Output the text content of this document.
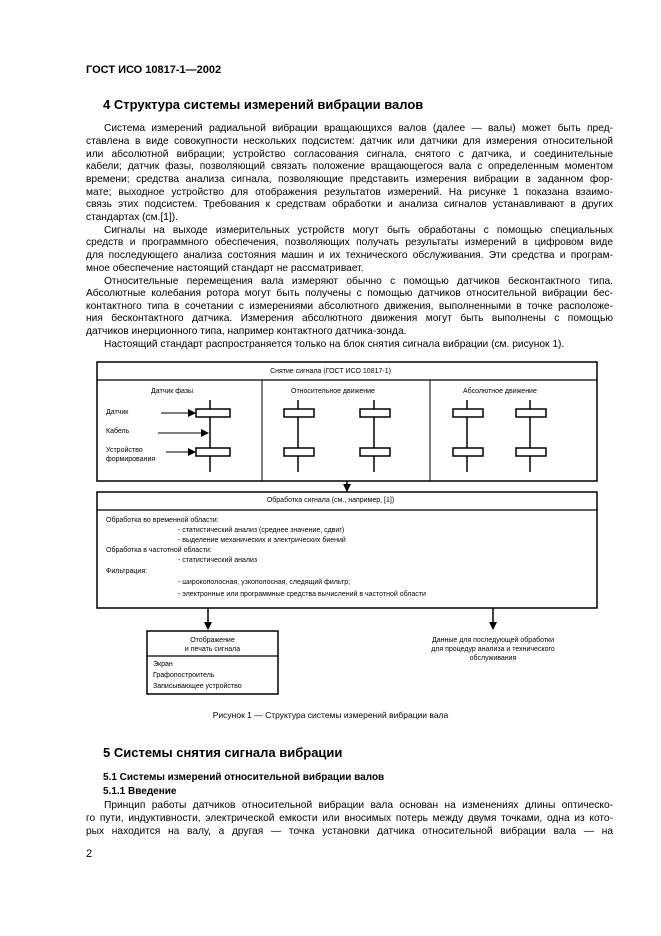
ГОСТ ИСО 10817-1—2002
4 Структура системы измерений вибрации валов
Система измерений радиальной вибрации вращающихся валов (далее — валы) может быть пред-
ставлена в виде совокупности нескольких подсистем: датчик или датчики для измерения относительной
или абсолютной вибрации; устройство согласования сигнала, снятого с датчика, и соединительные
кабели; датчик фазы, позволяющий связать положение вращающегося вала с определенным моментом
времени; средства анализа сигнала, позволяющие представить измерения вибрации в заданном фор-
мате; выходное устройство для отображения результатов измерений. На рисунке 1 показана взаимо-
связь этих подсистем. Требования к средствам обработки и анализа сигналов устанавливают в других
стандартах (см.[1]).
Сигналы на выходе измерительных устройств могут быть обработаны с помощью специальных
средств и программного обеспечения, позволяющих получать результаты измерений в цифровом виде
для последующего анализа состояния машин и их технического обслуживания. Эти средства и програм-
мное обеспечение настоящий стандарт не рассматривает.
Относительные перемещения вала измеряют обычно с помощью датчиков бесконтактного типа.
Абсолютные колебания ротора могут быть получены с помощью датчиков относительной вибрации бес-
контактного типа в сочетании с измерениями абсолютного движения, выполненными в точке расположе-
ния бесконтактного датчика. Измерения абсолютного движения могут быть выполнены с помощью
датчиков инерционного типа, например контактного датчика-зонда.
Настоящий стандарт распространяется только на блок снятия сигнала вибрации (см. рисунок 1).
Снятие сигнала (ГОСТ ИСО 10817-1)
Датчик фазы	Относительное движение	Абсолютное движение
Датчик
Кабель
Устройство
формирования
Обработка сигнала (см., например, [1])
Обработка во временной области:
- статистический анализ (среднее значение, сдвиг)
- выделение механических и электрических биений
Обработка в частотной области:
- статистический анализ
Фильтрация:
- широкополосная, узкополосная, следящий фильтр;
- электронные или программные средства вычислений в частотной области
Отображение
и печать сигнала
Экран
Графопостроитель
Записывающее устройство
Данные для последующей обработки
для процедур анализа и технического
обслуживания
Рисунок 1 — Структура системы измерений вибрации вала
5 Системы снятия сигнала вибрации
5.1 Системы измерений относительной вибрации валов
5.1.1 Введение
Принцип работы датчиков относительной вибрации вала основан на изменениях длины оптическо-
го пути, индуктивности, электрической емкости или вносимых потерь между двумя точками, одна из кото-
рых находится на валу, а другая — точка установки датчика относительной вибрации вала — на
2
